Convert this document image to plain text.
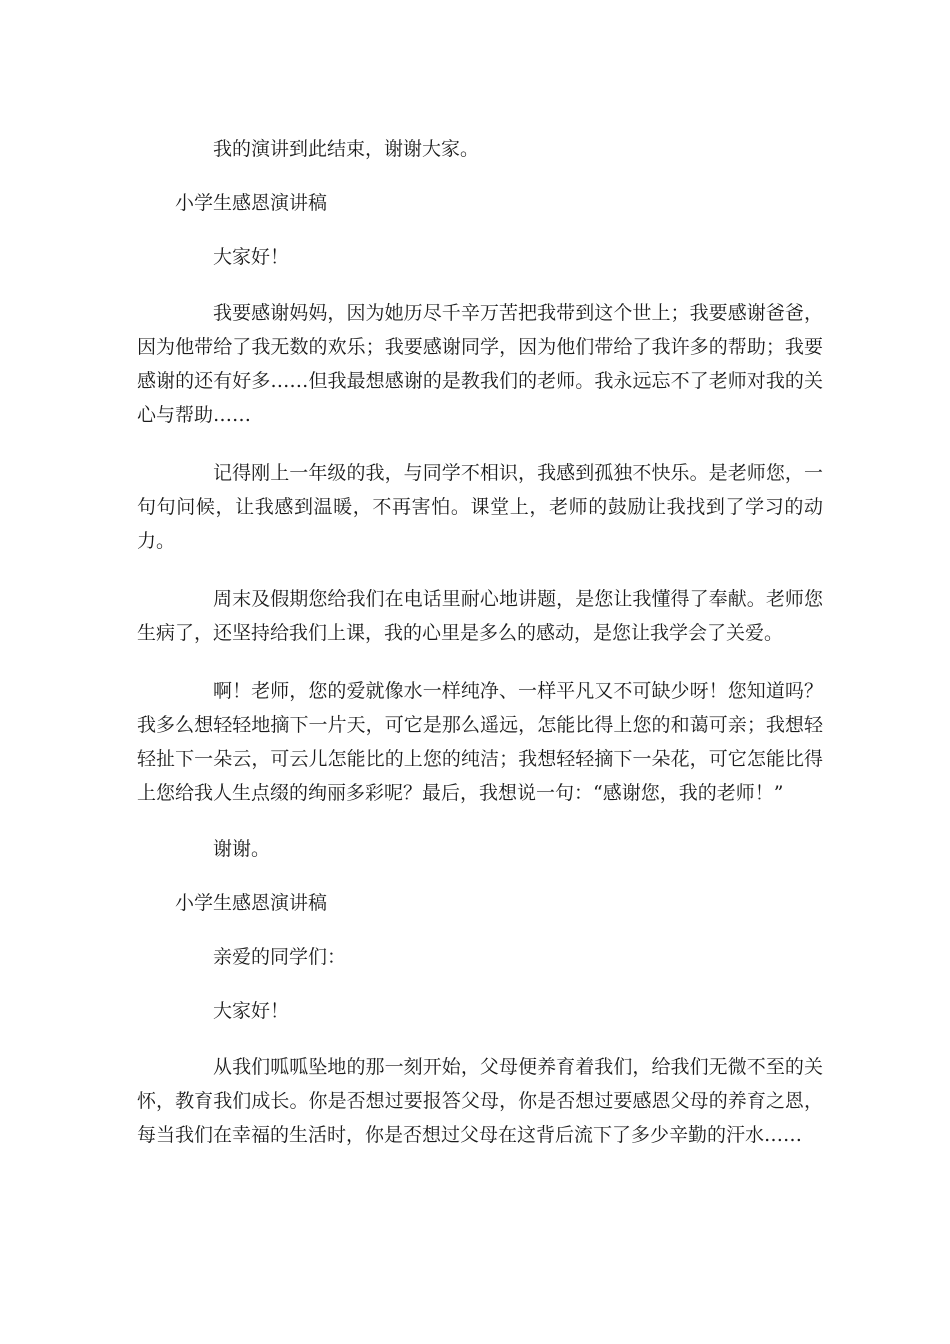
我的演讲到此结束，谢谢大家。

小学生感恩演讲稿

大家好！

我要感谢妈妈，因为她历尽千辛万苦把我带到这个世上；我要感谢爸爸，因为他带给了我无数的欢乐；我要感谢同学，因为他们带给了我许多的帮助；我要感谢的还有好多……但我最想感谢的是教我们的老师。我永远忘不了老师对我的关心与帮助……

记得刚上一年级的我，与同学不相识，我感到孤独不快乐。是老师您，一句句问候，让我感到温暖，不再害怕。课堂上，老师的鼓励让我找到了学习的动力。

周末及假期您给我们在电话里耐心地讲题，是您让我懂得了奉献。老师您生病了，还坚持给我们上课，我的心里是多么的感动，是您让我学会了关爱。

啊！老师，您的爱就像水一样纯净、一样平凡又不可缺少呀！您知道吗？我多么想轻轻地摘下一片天，可它是那么遥远，怎能比得上您的和蔼可亲；我想轻轻扯下一朵云，可云儿怎能比的上您的纯洁；我想轻轻摘下一朵花，可它怎能比得上您给我人生点缀的绚丽多彩呢？最后，我想说一句：“感谢您，我的老师！”

谢谢。

小学生感恩演讲稿

亲爱的同学们：

大家好！

从我们呱呱坠地的那一刻开始，父母便养育着我们，给我们无微不至的关怀，教育我们成长。你是否想过要报答父母，你是否想过要感恩父母的养育之恩，每当我们在幸福的生活时，你是否想过父母在这背后流下了多少辛勤的汗水……
